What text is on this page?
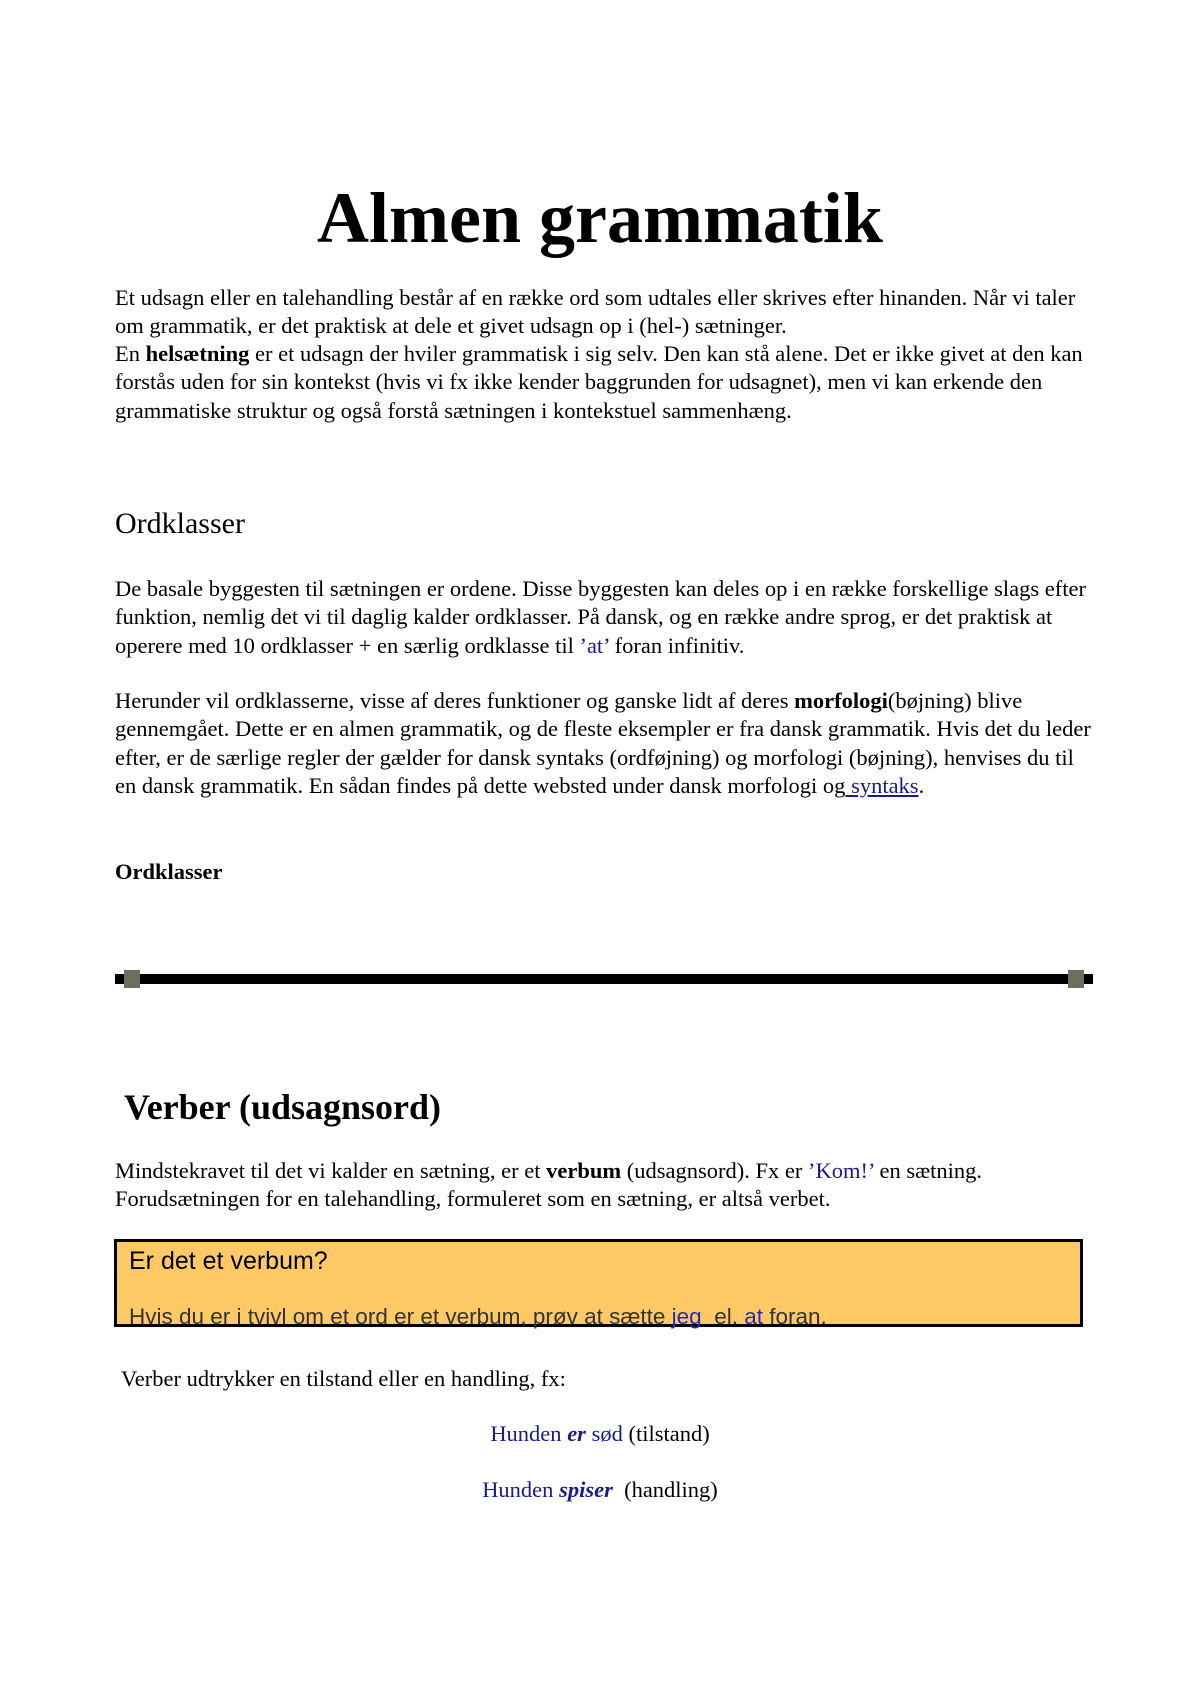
Almen grammatik

Et udsagn eller en talehandling består af en række ord som udtales eller skrives efter hinanden. Når vi taler om grammatik, er det praktisk at dele et givet udsagn op i (hel-) sætninger.

En helsætning er et udsagn der hviler grammatisk i sig selv. Den kan stå alene. Det er ikke givet at den kan forstås uden for sin kontekst (hvis vi fx ikke kender baggrunden for udsagnet), men vi kan erkende den grammatiske struktur og også forstå sætningen i kontekstuel sammenhæng.

Ordklasser

De basale byggesten til sætningen er ordene. Disse byggesten kan deles op i en række forskellige slags efter funktion, nemlig det vi til daglig kalder ordklasser. På dansk, og en række andre sprog, er det praktisk at operere med 10 ordklasser + en særlig ordklasse til ’at’ foran infinitiv.

Herunder vil ordklasserne, visse af deres funktioner og ganske lidt af deres morfologi(bøjning) blive gennemgået. Dette er en almen grammatik, og de fleste eksempler er fra dansk grammatik. Hvis det du leder efter, er de særlige regler der gælder for dansk syntaks (ordføjning) og morfologi (bøjning), henvises du til en dansk grammatik. En sådan findes på dette websted under dansk morfologi og syntaks.

Ordklasser
Verber (udsagnsord)

Mindstekravet til det vi kalder en sætning, er et verbum (udsagnsord). Fx er ’Kom!’ en sætning. Forudsætningen for en talehandling, formuleret som en sætning, er altså verbet.

Er det et verbum?

Hvis du er i tvivl om et ord er et verbum, prøv at sætte jeg  el. at foran.

Verber udtrykker en tilstand eller en handling, fx:

Hunden er sød (tilstand)

Hunden spiser  (handling)
